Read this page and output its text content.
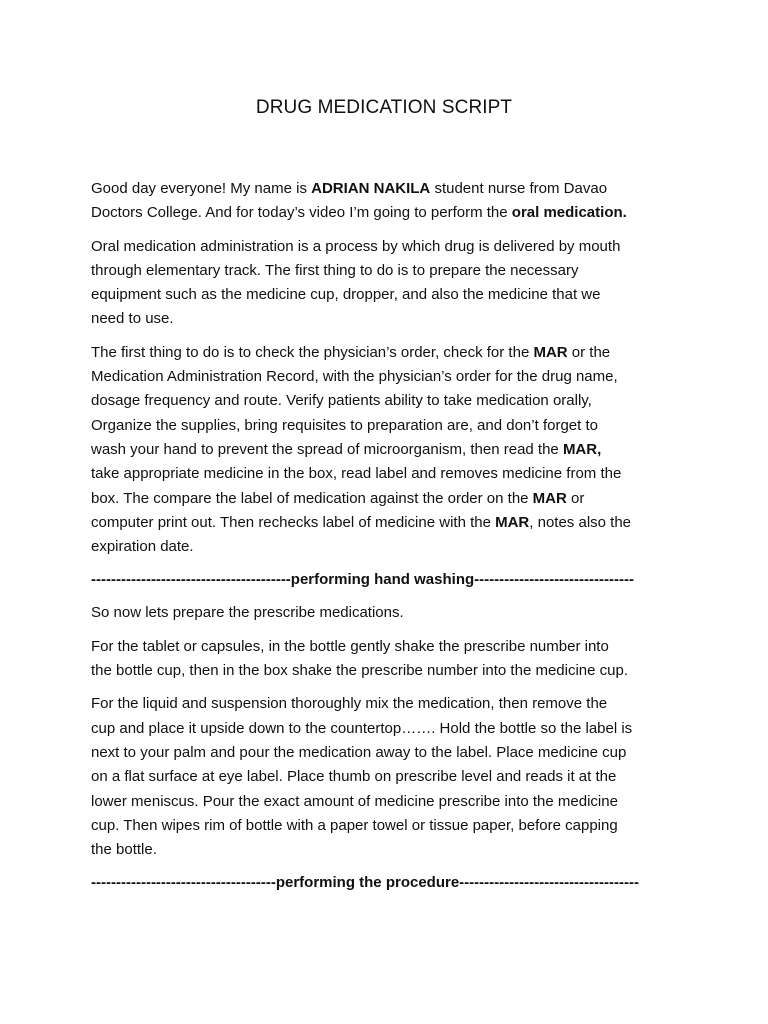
DRUG MEDICATION SCRIPT

Good day everyone! My name is ADRIAN NAKILA student nurse from Davao
Doctors College. And for today’s video I’m going to perform the oral medication.

Oral medication administration is a process by which drug is delivered by mouth
through elementary track. The first thing to do is to prepare the necessary
equipment such as the medicine cup, dropper, and also the medicine that we
need to use.

The first thing to do is to check the physician’s order, check for the MAR or the
Medication Administration Record, with the physician’s order for the drug name,
dosage frequency and route. Verify patients ability to take medication orally,
Organize the supplies, bring requisites to preparation are, and don’t forget to
wash your hand to prevent the spread of microorganism, then read the MAR,
take appropriate medicine in the box, read label and removes medicine from the
box. The compare the label of medication against the order on the MAR or
computer print out. Then rechecks label of medicine with the MAR, notes also the
expiration date.

----------------------------------------performing hand washing--------------------------------

So now lets prepare the prescribe medications.

For the tablet or capsules, in the bottle gently shake the prescribe number into
the bottle cup, then in the box shake the prescribe number into the medicine cup.

For the liquid and suspension thoroughly mix the medication, then remove the
cup and place it upside down to the countertop……. Hold the bottle so the label is
next to your palm and pour the medication away to the label. Place medicine cup
on a flat surface at eye label. Place thumb on prescribe level and reads it at the
lower meniscus. Pour the exact amount of medicine prescribe into the medicine
cup. Then wipes rim of bottle with a paper towel or tissue paper, before capping
the bottle.

-------------------------------------performing the procedure------------------------------------
